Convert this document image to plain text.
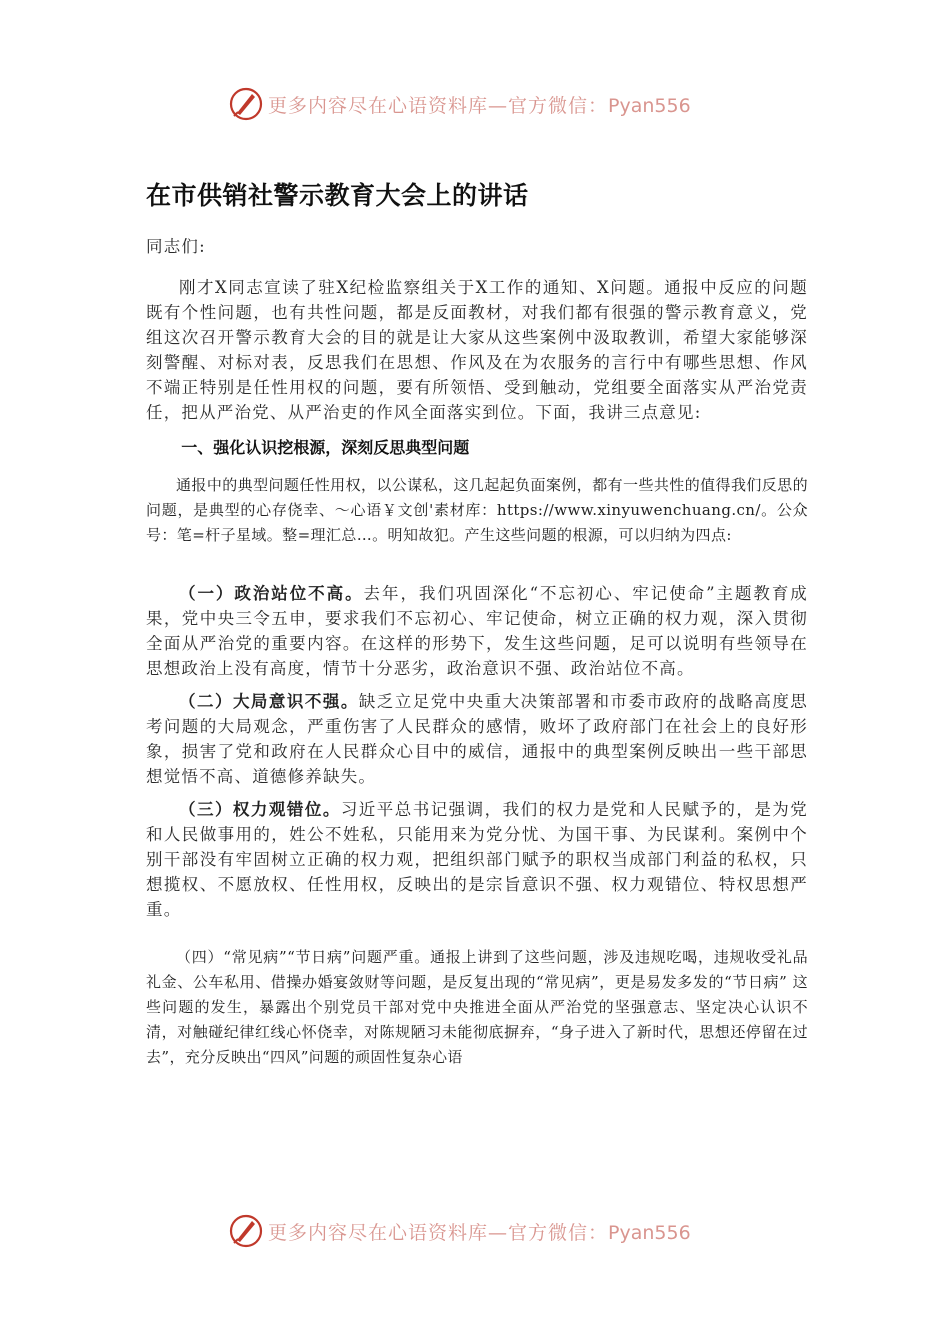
更多内容尽在心语资料库—官方微信：Pyan556
在市供销社警示教育大会上的讲话

同志们:

刚才X同志宣读了驻X纪检监察组关于X工作的通知、X问题。通报中反应的问题既有个性问题，也有共性问题，都是反面教材，对我们都有很强的警示教育意义，党组这次召开警示教育大会的目的就是让大家从这些案例中汲取教训，希望大家能够深刻警醒、对标对表，反思我们在思想、作风及在为农服务的言行中有哪些思想、作风不端正特别是任性用权的问题，要有所领悟、受到触动，党组要全面落实从严治党责任，把从严治党、从严治吏的作风全面落实到位。下面，我讲三点意见:

一、强化认识挖根源，深刻反思典型问题

通报中的典型问题任性用权，以公谋私，这几起起负面案例，都有一些共性的值得我们反思的问题，是典型的心存侥幸、～心语￥文创'素材库：https://www.xinyuwenchuang.cn/。公众号：笔=杆子星域。整=理汇总…。明知故犯。产生这些问题的根源，可以归纳为四点:

（一）政治站位不高。去年，我们巩固深化“不忘初心、牢记使命”主题教育成果，党中央三令五申，要求我们不忘初心、牢记使命，树立正确的权力观，深入贯彻全面从严治党的重要内容。在这样的形势下，发生这些问题，足可以说明有些领导在思想政治上没有高度，情节十分恶劣，政治意识不强、政治站位不高。

（二）大局意识不强。缺乏立足党中央重大决策部署和市委市政府的战略高度思考问题的大局观念，严重伤害了人民群众的感情，败坏了政府部门在社会上的良好形象，损害了党和政府在人民群众心目中的威信，通报中的典型案例反映出一些干部思想觉悟不高、道德修养缺失。

（三）权力观错位。习近平总书记强调，我们的权力是党和人民赋予的，是为党和人民做事用的，姓公不姓私，只能用来为党分忧、为国干事、为民谋利。案例中个别干部没有牢固树立正确的权力观，把组织部门赋予的职权当成部门利益的私权，只想揽权、不愿放权、任性用权，反映出的是宗旨意识不强、权力观错位、特权思想严重。

（四）“常见病”“节日病”问题严重。通报上讲到了这些问题，涉及违规吃喝，违规收受礼品礼金、公车私用、借操办婚宴敛财等问题，是反复出现的“常见病”，更是易发多发的“节日病” 这些问题的发生，暴露出个别党员干部对党中央推进全面从严治党的坚强意志、坚定决心认识不清，对触碰纪律红线心怀侥幸，对陈规陋习未能彻底摒弃，“身子进入了新时代，思想还停留在过去”，充分反映出“四风”问题的顽固性复杂心语

更多内容尽在心语资料库—官方微信：Pyan556
